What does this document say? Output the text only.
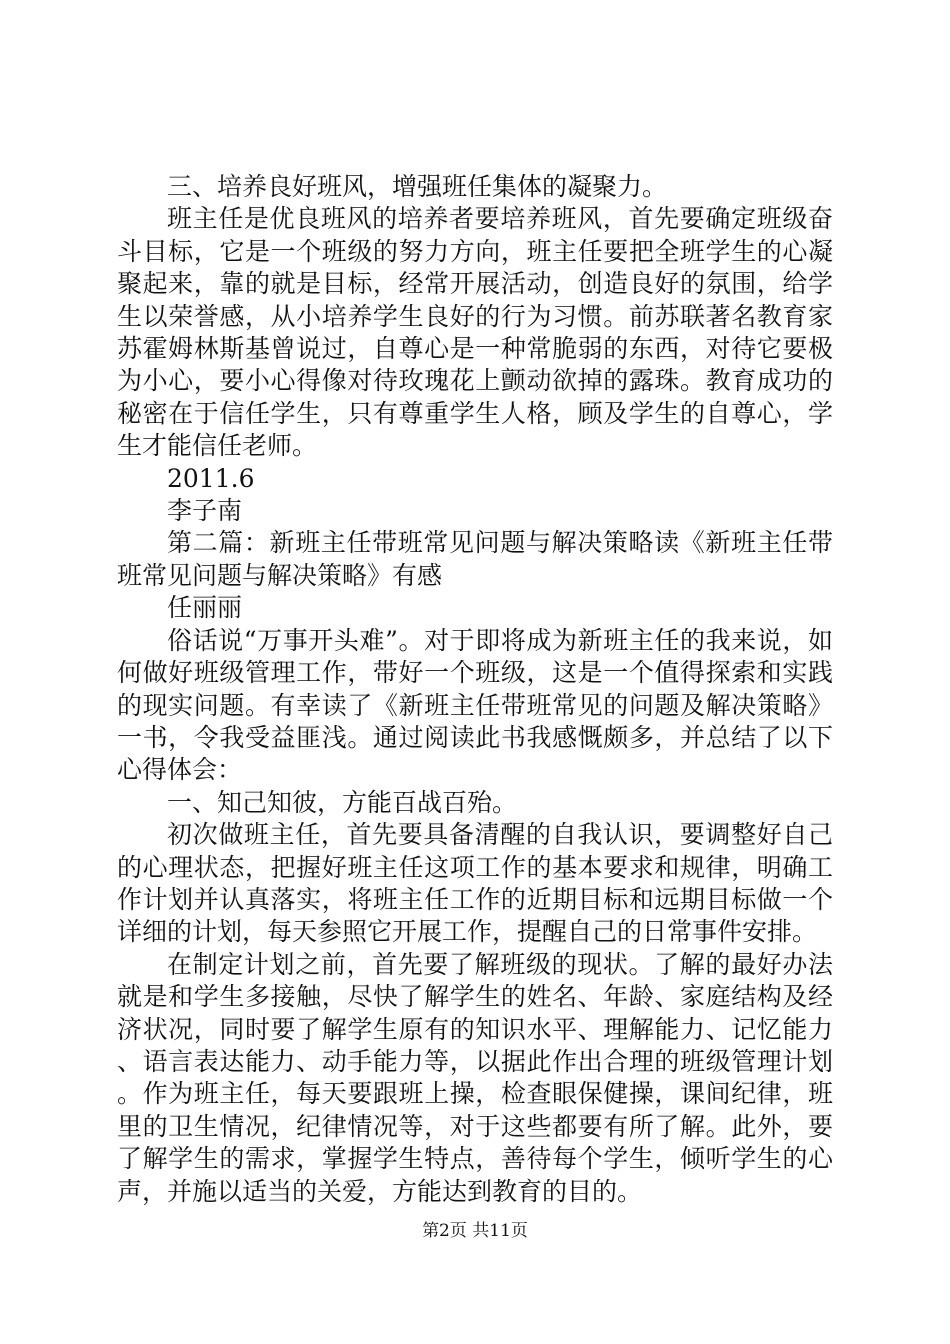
三、培养良好班风，增强班任集体的凝聚力。

班主任是优良班风的培养者要培养班风，首先要确定班级奋斗目标，它是一个班级的努力方向，班主任要把全班学生的心凝聚起来，靠的就是目标，经常开展活动，创造良好的氛围，给学生以荣誉感，从小培养学生良好的行为习惯。前苏联著名教育家苏霍姆林斯基曾说过，自尊心是一种常脆弱的东西，对待它要极为小心，要小心得像对待玫瑰花上颤动欲掉的露珠。教育成功的秘密在于信任学生，只有尊重学生人格，顾及学生的自尊心，学生才能信任老师。

2011.6

李子南

第二篇：新班主任带班常见问题与解决策略读《新班主任带班常见问题与解决策略》有感

任丽丽

俗话说“万事开头难”。对于即将成为新班主任的我来说，如何做好班级管理工作，带好一个班级，这是一个值得探索和实践的现实问题。有幸读了《新班主任带班常见的问题及解决策略》一书，令我受益匪浅。通过阅读此书我感慨颇多，并总结了以下心得体会：

一、知己知彼，方能百战百殆。

初次做班主任，首先要具备清醒的自我认识，要调整好自己的心理状态，把握好班主任这项工作的基本要求和规律，明确工作计划并认真落实，将班主任工作的近期目标和远期目标做一个详细的计划，每天参照它开展工作，提醒自己的日常事件安排。

在制定计划之前，首先要了解班级的现状。了解的最好办法就是和学生多接触，尽快了解学生的姓名、年龄、家庭结构及经济状况，同时要了解学生原有的知识水平、理解能力、记忆能力、语言表达能力、动手能力等，以据此作出合理的班级管理计划。作为班主任，每天要跟班上操，检查眼保健操，课间纪律，班里的卫生情况，纪律情况等，对于这些都要有所了解。此外，要了解学生的需求，掌握学生特点，善待每个学生，倾听学生的心声，并施以适当的关爱，方能达到教育的目的。

第2页 共11页
